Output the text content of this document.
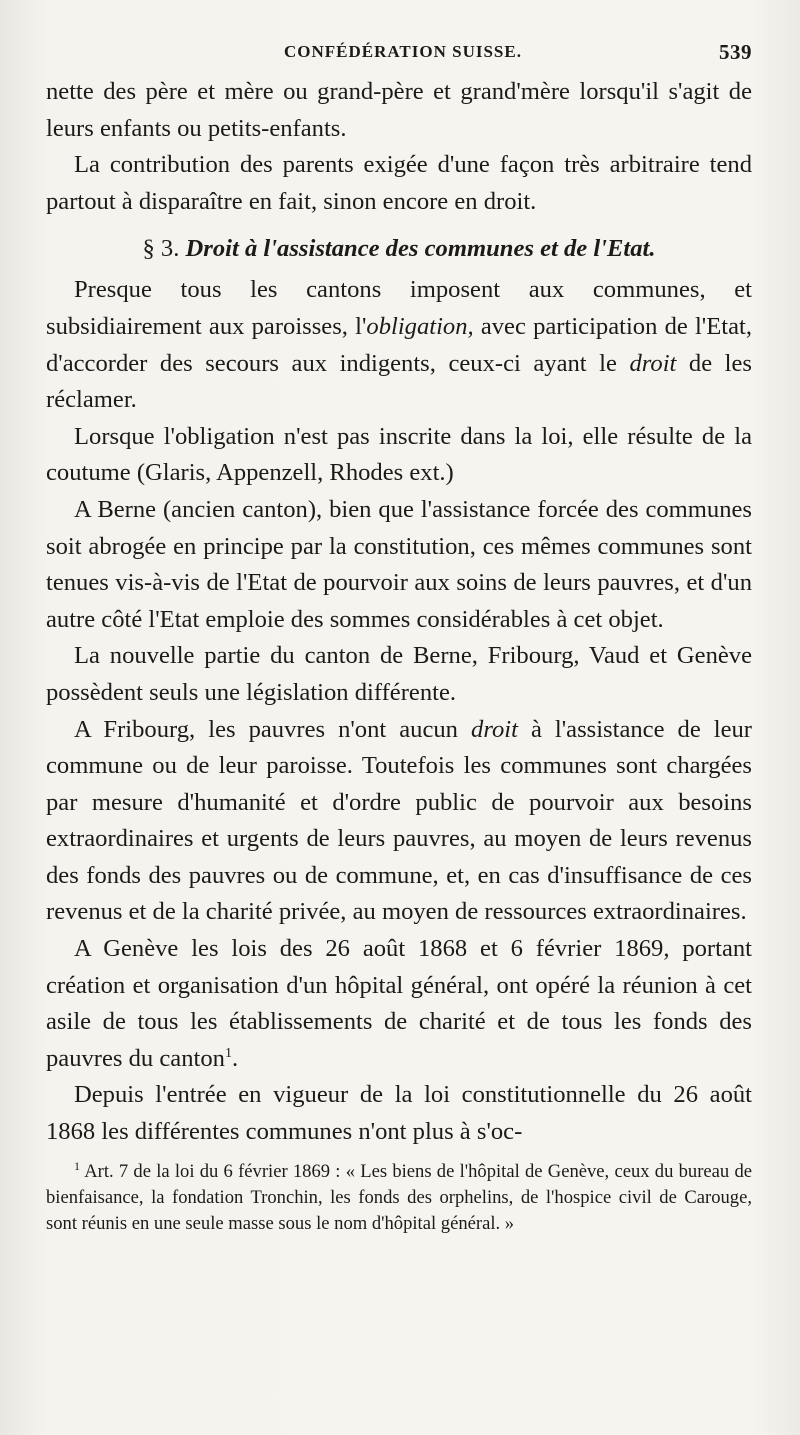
CONFÉDÉRATION SUISSE.	539

nette des père et mère ou grand-père et grand'mère lorsqu'il s'agit de leurs enfants ou petits-enfants.

La contribution des parents exigée d'une façon très arbitraire tend partout à disparaître en fait, sinon encore en droit.

§ 3. Droit à l'assistance des communes et de l'Etat.

Presque tous les cantons imposent aux communes, et subsidiairement aux paroisses, l'obligation, avec participation de l'Etat, d'accorder des secours aux indigents, ceux-ci ayant le droit de les réclamer.

Lorsque l'obligation n'est pas inscrite dans la loi, elle résulte de la coutume (Glaris, Appenzell, Rhodes ext.)

A Berne (ancien canton), bien que l'assistance forcée des communes soit abrogée en principe par la constitution, ces mêmes communes sont tenues vis-à-vis de l'Etat de pourvoir aux soins de leurs pauvres, et d'un autre côté l'Etat emploie des sommes considérables à cet objet.

La nouvelle partie du canton de Berne, Fribourg, Vaud et Genève possèdent seuls une législation différente.

A Fribourg, les pauvres n'ont aucun droit à l'assistance de leur commune ou de leur paroisse. Toutefois les communes sont chargées par mesure d'humanité et d'ordre public de pourvoir aux besoins extraordinaires et urgents de leurs pauvres, au moyen de leurs revenus des fonds des pauvres ou de commune, et, en cas d'insuffisance de ces revenus et de la charité privée, au moyen de ressources extraordinaires.

A Genève les lois des 26 août 1868 et 6 février 1869, portant création et organisation d'un hôpital général, ont opéré la réunion à cet asile de tous les établissements de charité et de tous les fonds des pauvres du canton$^1$.

Depuis l'entrée en vigueur de la loi constitutionnelle du 26 août 1868 les différentes communes n'ont plus à s'oc-

$^1$ Art. 7 de la loi du 6 février 1869 : « Les biens de l'hôpital de Genève, ceux du bureau de bienfaisance, la fondation Tronchin, les fonds des orphelins, de l'hospice civil de Carouge, sont réunis en une seule masse sous le nom d'hôpital général. »
